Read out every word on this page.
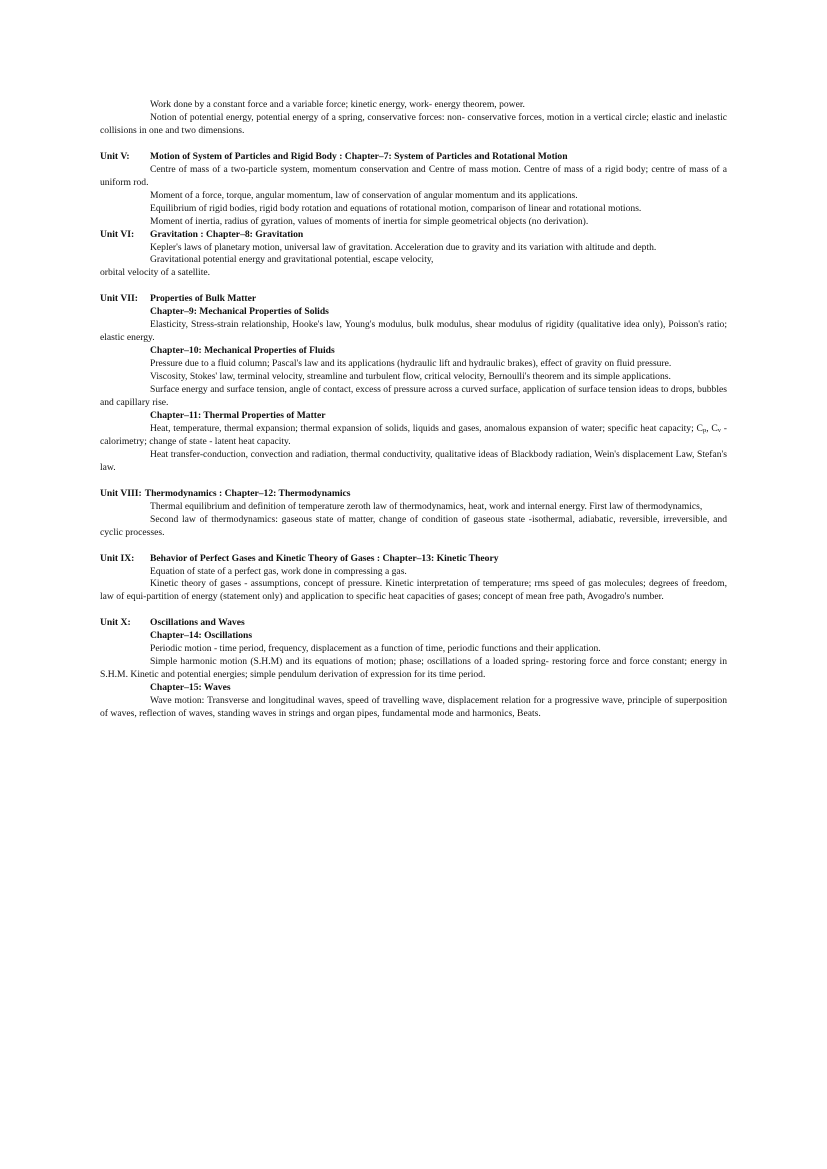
Work done by a constant force and a variable force; kinetic energy, work- energy theorem, power.

Notion of potential energy, potential energy of a spring, conservative forces: non- conservative forces, motion in a vertical circle; elastic and inelastic collisions in one and two dimensions.

Unit V:	Motion of System of Particles and Rigid Body : Chapter–7: System of Particles and Rotational Motion

Centre of mass of a two-particle system, momentum conservation and Centre of mass motion. Centre of mass of a rigid body; centre of mass of a uniform rod.

Moment of a force, torque, angular momentum, law of conservation of angular momentum and its applications.

Equilibrium of rigid bodies, rigid body rotation and equations of rotational motion, comparison of linear and rotational motions.

Moment of inertia, radius of gyration, values of moments of inertia for simple geometrical objects (no derivation).

Unit VI:	Gravitation : Chapter–8: Gravitation

Kepler's laws of planetary motion, universal law of gravitation. Acceleration due to gravity and its variation with altitude and depth.

Gravitational potential energy and gravitational potential, escape velocity,

orbital velocity of a satellite.

Unit VII:	Properties of Bulk Matter
Chapter–9: Mechanical Properties of Solids

Elasticity, Stress-strain relationship, Hooke's law, Young's modulus, bulk modulus, shear modulus of rigidity (qualitative idea only), Poisson's ratio; elastic energy.

Chapter–10: Mechanical Properties of Fluids

Pressure due to a fluid column; Pascal's law and its applications (hydraulic lift and hydraulic brakes), effect of gravity on fluid pressure.

Viscosity, Stokes' law, terminal velocity, streamline and turbulent flow, critical velocity, Bernoulli's theorem and its simple applications.

Surface energy and surface tension, angle of contact, excess of pressure across a curved surface, application of surface tension ideas to drops, bubbles and capillary rise.

Chapter–11: Thermal Properties of Matter

Heat, temperature, thermal expansion; thermal expansion of solids, liquids and gases, anomalous expansion of water; specific heat capacity; $C_p$, $C_v$ - calorimetry; change of state - latent heat capacity.

Heat transfer-conduction, convection and radiation, thermal conductivity, qualitative ideas of Blackbody radiation, Wein's displacement Law, Stefan's law.

Unit VIII: Thermodynamics : Chapter–12: Thermodynamics

Thermal equilibrium and definition of temperature zeroth law of thermodynamics, heat, work and internal energy. First law of thermodynamics,

Second law of thermodynamics: gaseous state of matter, change of condition of gaseous state -isothermal, adiabatic, reversible, irreversible, and cyclic processes.

Unit IX:	Behavior of Perfect Gases and Kinetic Theory of Gases : Chapter–13: Kinetic Theory

Equation of state of a perfect gas, work done in compressing a gas.

Kinetic theory of gases - assumptions, concept of pressure. Kinetic interpretation of temperature; rms speed of gas molecules; degrees of freedom, law of equi-partition of energy (statement only) and application to specific heat capacities of gases; concept of mean free path, Avogadro's number.

Unit X:	Oscillations and Waves
Chapter–14: Oscillations

Periodic motion - time period, frequency, displacement as a function of time, periodic functions and their application.

Simple harmonic motion (S.H.M) and its equations of motion; phase; oscillations of a loaded spring- restoring force and force constant; energy in S.H.M. Kinetic and potential energies; simple pendulum derivation of expression for its time period.

Chapter–15: Waves

Wave motion: Transverse and longitudinal waves, speed of travelling wave, displacement relation for a progressive wave, principle of superposition of waves, reflection of waves, standing waves in strings and organ pipes, fundamental mode and harmonics, Beats.
